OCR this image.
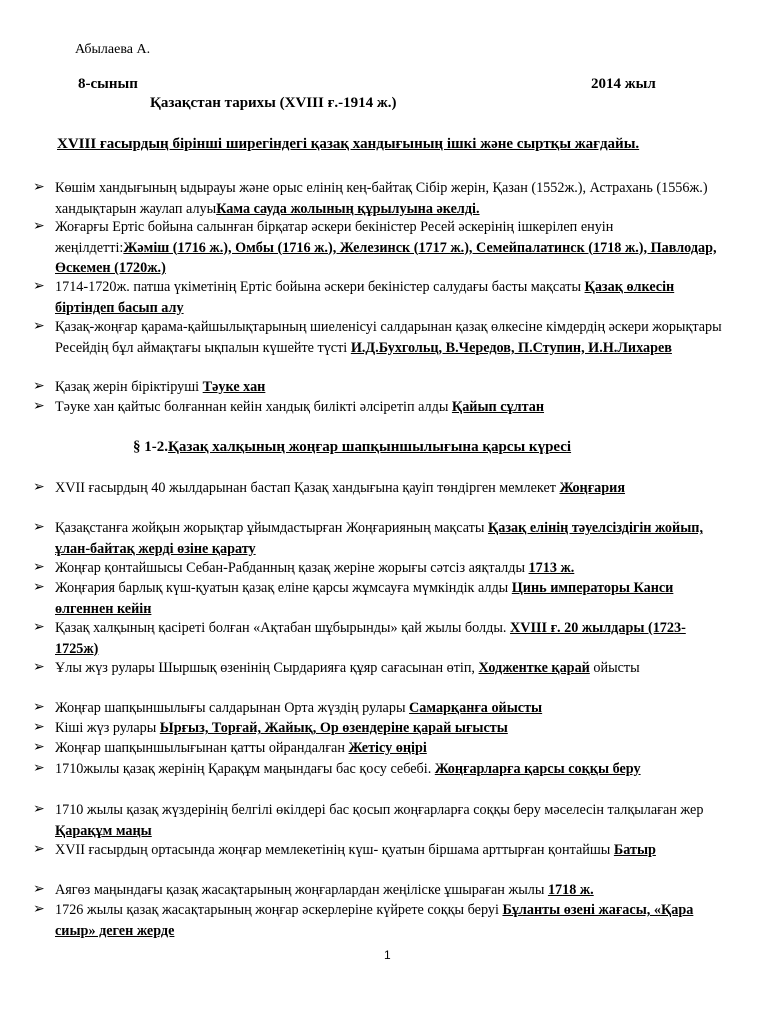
Абылаева А.
8-сынып	2014 жыл
Қазақстан тарихы (XVIII ғ.-1914 ж.)
XVIII ғасырдың бірінші ширегіндегі қазақ хандығының ішкі және сыртқы жағдайы.
➢ Көшім хандығының ыдырауы және орыс елінің кең-байтақ Сібір жерін, Қазан (1552ж.), Астрахань (1556ж.) хандықтарын жаулап алуыКама сауда жолының құрылуына әкелді.
➢ Жоғарғы Ертіс бойына салынған бірқатар әскери бекіністер Ресей әскерінің ішкерілеп енуін жеңілдетті:Жәміш (1716 ж.), Омбы (1716 ж.), Железинск (1717 ж.), Семейпалатинск (1718 ж.), Павлодар, Өскемен (1720ж.)
➢ 1714-1720ж. патша үкіметінің Ертіс бойына әскери бекіністер салудағы басты мақсаты Қазақ өлкесін біртіндеп басып алу
➢ Қазақ-жоңғар қарама-қайшылықтарының шиеленісуі салдарынан қазақ өлкесіне кімдердің әскери жорықтары Ресейдің бұл аймақтағы ықпалын күшейте түсті И.Д.Бухгольц, В.Чередов, П.Ступин, И.Н.Лихарев
➢ Қазақ жерін біріктіруші Тәуке хан
➢ Тәуке хан қайтыс болғаннан кейін хандық билікті әлсіретіп алды Қайып сұлтан
§ 1-2.Қазақ халқының жоңғар шапқыншылығына қарсы күресі
➢ XVII ғасырдың 40 жылдарынан бастап Қазақ хандығына қауіп төндірген мемлекет Жоңғария
➢ Қазақстанға жойқын жорықтар ұйымдастырған Жоңғарияның мақсаты Қазақ елінің тәуелсіздігін жойып, ұлан-байтақ жерді өзіне қарату
➢ Жоңғар қонтайшысы Себан-Рабданның қазақ жеріне жорығы сәтсіз аяқталды 1713 ж.
➢ Жоңғария барлық күш-қуатын қазақ еліне қарсы жұмсауға мүмкіндік алды Цинь императоры Канси өлгеннен кейін
➢ Қазақ халқының қасіреті болған «Ақтабан шұбырынды» қай жылы болды. XVIII ғ. 20 жылдары (1723-1725ж)
➢ Ұлы жүз рулары Шыршық өзенінің Сырдарияға құяр сағасынан өтіп, Ходжентке қарай ойысты
➢ Жоңғар шапқыншылығы салдарынан Орта жүздің рулары Самарқанға ойысты
➢ Кіші жүз рулары Ырғыз, Торғай, Жайық, Ор өзендеріне қарай ығысты
➢ Жоңғар шапқыншылығынан қатты ойрандалған Жетісу өңірі
➢ 1710жылы қазақ жерінің Қарақұм маңындағы бас қосу себебі. Жоңғарларға қарсы соққы беру
➢ 1710 жылы қазақ жүздерінің белгілі өкілдері бас қосып жоңғарларға соққы беру мәселесін талқылаған жер Қарақұм маңы
➢ XVII ғасырдың ортасында жоңғар мемлекетінің күш- қуатын біршама арттырған қонтайшы Батыр
➢ Аягөз маңындағы қазақ жасақтарының жоңғарлардан жеңіліске ұшыраған жылы 1718 ж.
➢ 1726 жылы қазақ жасақтарының жоңғар әскерлеріне күйрете соққы беруі Бұланты өзені жағасы, «Қара сиыр» деген жерде
1
